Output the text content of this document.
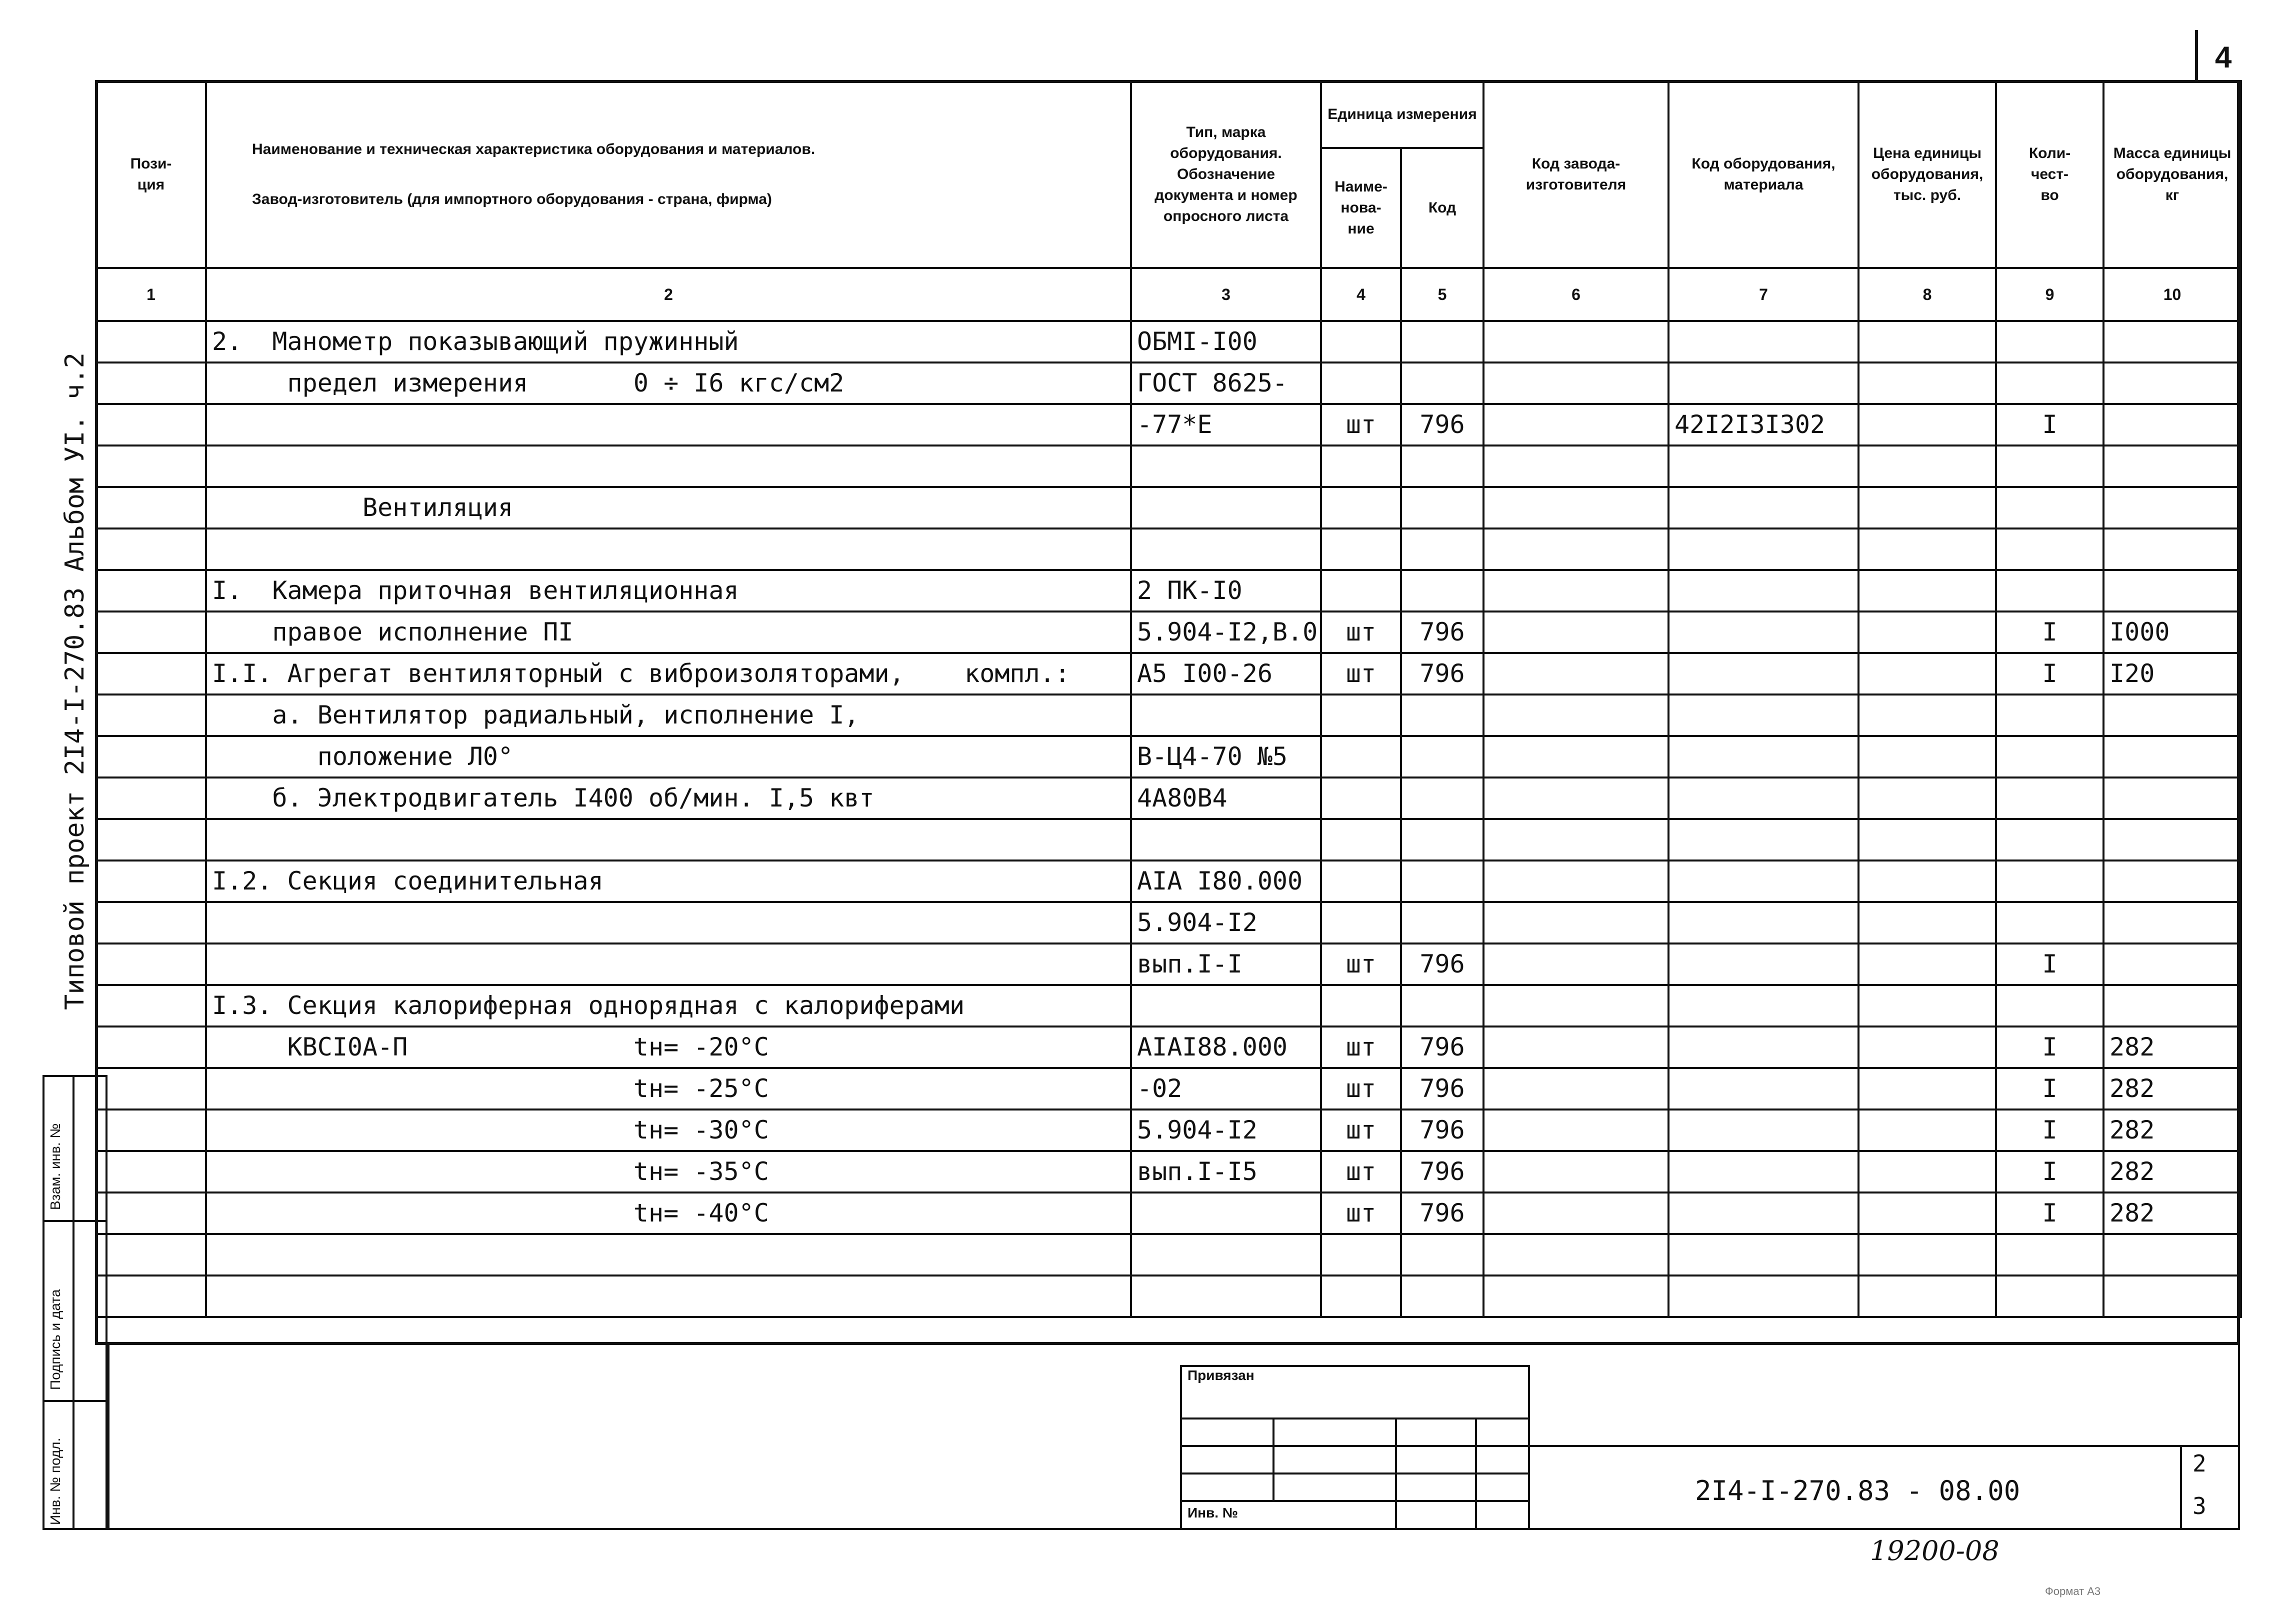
4
Пози-
ция	Наименование и техническая характеристика оборудования и материалов.
Завод-изготовитель (для импортного оборудования - страна, фирма)	Тип, марка оборудования. Обозначение документа и номер опросного листа	Единица измерения		Код завода-изготовителя	Код оборудования, материала	Цена единицы оборудования, тыс. руб.	Коли-
чест-
во	Масса единицы оборудования, кг
			Наиме-
нова-
ние	Код					
1	2	3	4	5	6	7	8	9	10
	2.  Манометр показывающий пружинный	ОБМI-I00							
	предел измерения       0 ÷ I6 кгс/см2	ГОСТ 8625-							
		-77*Е	шт	796		42I2I3I302		I	

	Вентиляция								

	I.  Камера приточная вентиляционная	2 ПК-I0							
	правое исполнение ПI	5.904-I2,В.0	шт	796				I	I000
	I.I. Агрегат вентиляторный с виброизоляторами,    компл.:	А5 I00-26	шт	796				I	I20
	а. Вентилятор радиальный, исполнение I,								
	положение Л0°	В-Ц4-70 №5							
	б. Электродвигатель I400 об/мин. I,5 квт	4А80В4							

	I.2. Секция соединительная	АIА I80.000							
		5.904-I2							
		вып.I-I	шт	796				I	
	I.3. Секция калориферная однорядная с калориферами								
	КВСI0А-П               tн= -20°С	АIАI88.000	шт	796				I	282
	tн= -25°С	-02	шт	796				I	282
	tн= -30°С	5.904-I2	шт	796				I	282
	tн= -35°С	вып.I-I5	шт	796				I	282
	tн= -40°С		шт	796				I	282

Типовой проект 2I4-I-270.83 Альбом УI. ч.2
Взам. инв. №
Подпись и дата
Инв. № подл.
Привязан
Инв. №
2I4-I-270.83 - 08.00
2
3
19200-08
Формат А3
